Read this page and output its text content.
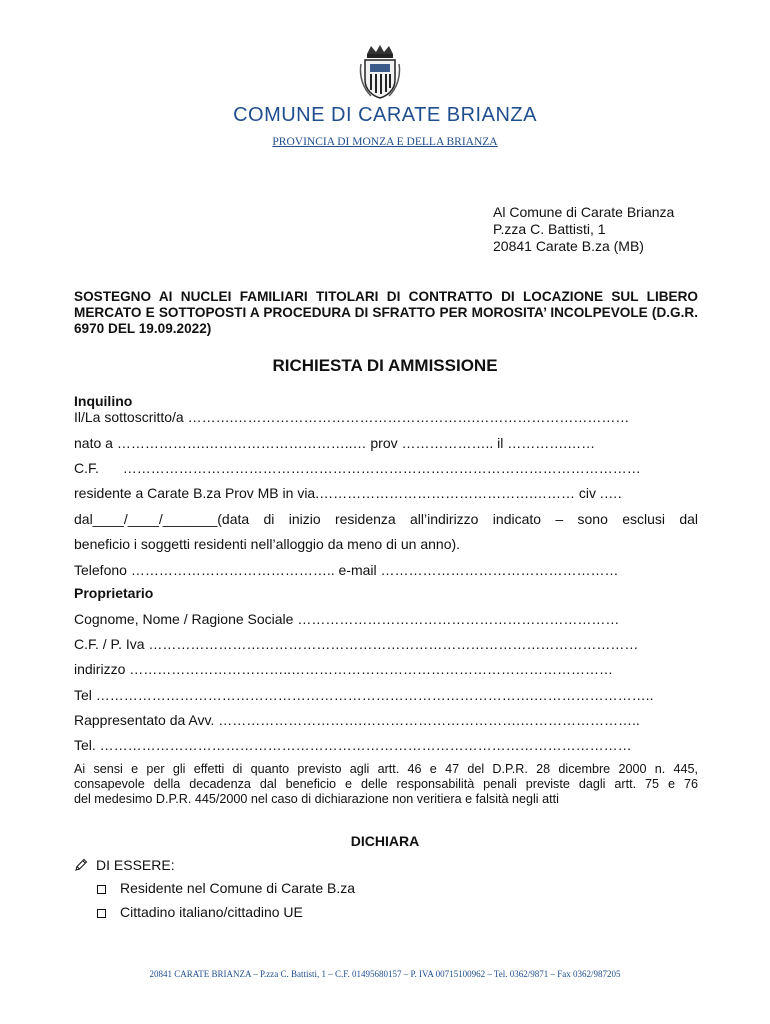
COMUNE DI CARATE BRIANZA
PROVINCIA DI MONZA E DELLA BRIANZA
Al Comune di Carate Brianza
P.zza C. Battisti, 1
20841 Carate B.za (MB)
SOSTEGNO AI NUCLEI FAMILIARI TITOLARI DI CONTRATTO DI LOCAZIONE SUL LIBERO MERCATO E SOTTOPOSTI A PROCEDURA DI SFRATTO PER MOROSITA’ INCOLPEVOLE (D.G.R. 6970 DEL 19.09.2022)
RICHIESTA DI AMMISSIONE
Inquilino
Il/La sottoscritto/a ……….…………………………………………….……………………………
nato a ……………….…………………………..… prov ……………….. il ………….……
C.F. …………………………………………………………………………………………………
residente a Carate B.za Prov MB in via.……………………………………….……… civ .….
dal____/____/_______(data di inizio residenza all’indirizzo indicato – sono esclusi dal
beneficio i soggetti residenti nell’alloggio da meno di un anno).
Telefono …………………………………….. e-mail ……………………………………………
Proprietario
Cognome, Nome / Ragione Sociale ……………………………………………………………
C.F. / P. Iva ……………………………………………………………………………………………
indirizzo ……………………………..……………………………………………………………
Tel ………………………………………………………………………………….……………………..
Rappresentato da Avv. ………………………….…………………………….……………………..
Tel. ……………………………………………………………………………………………………
Ai sensi e per gli effetti di quanto previsto agli artt. 46 e 47 del D.P.R. 28 dicembre 2000 n. 445,
consapevole della decadenza dal beneficio e delle responsabilità penali previste dagli artt. 75 e 76
del medesimo D.P.R. 445/2000 nel caso di dichiarazione non veritiera e falsità negli atti
DICHIARA
DI ESSERE:
Residente nel Comune di Carate B.za
Cittadino italiano/cittadino UE
20841 CARATE BRIANZA – P.zza C. Battisti, 1 – C.F. 01495680157 – P. IVA 00715100962 – Tel. 0362/9871 – Fax 0362/987205
